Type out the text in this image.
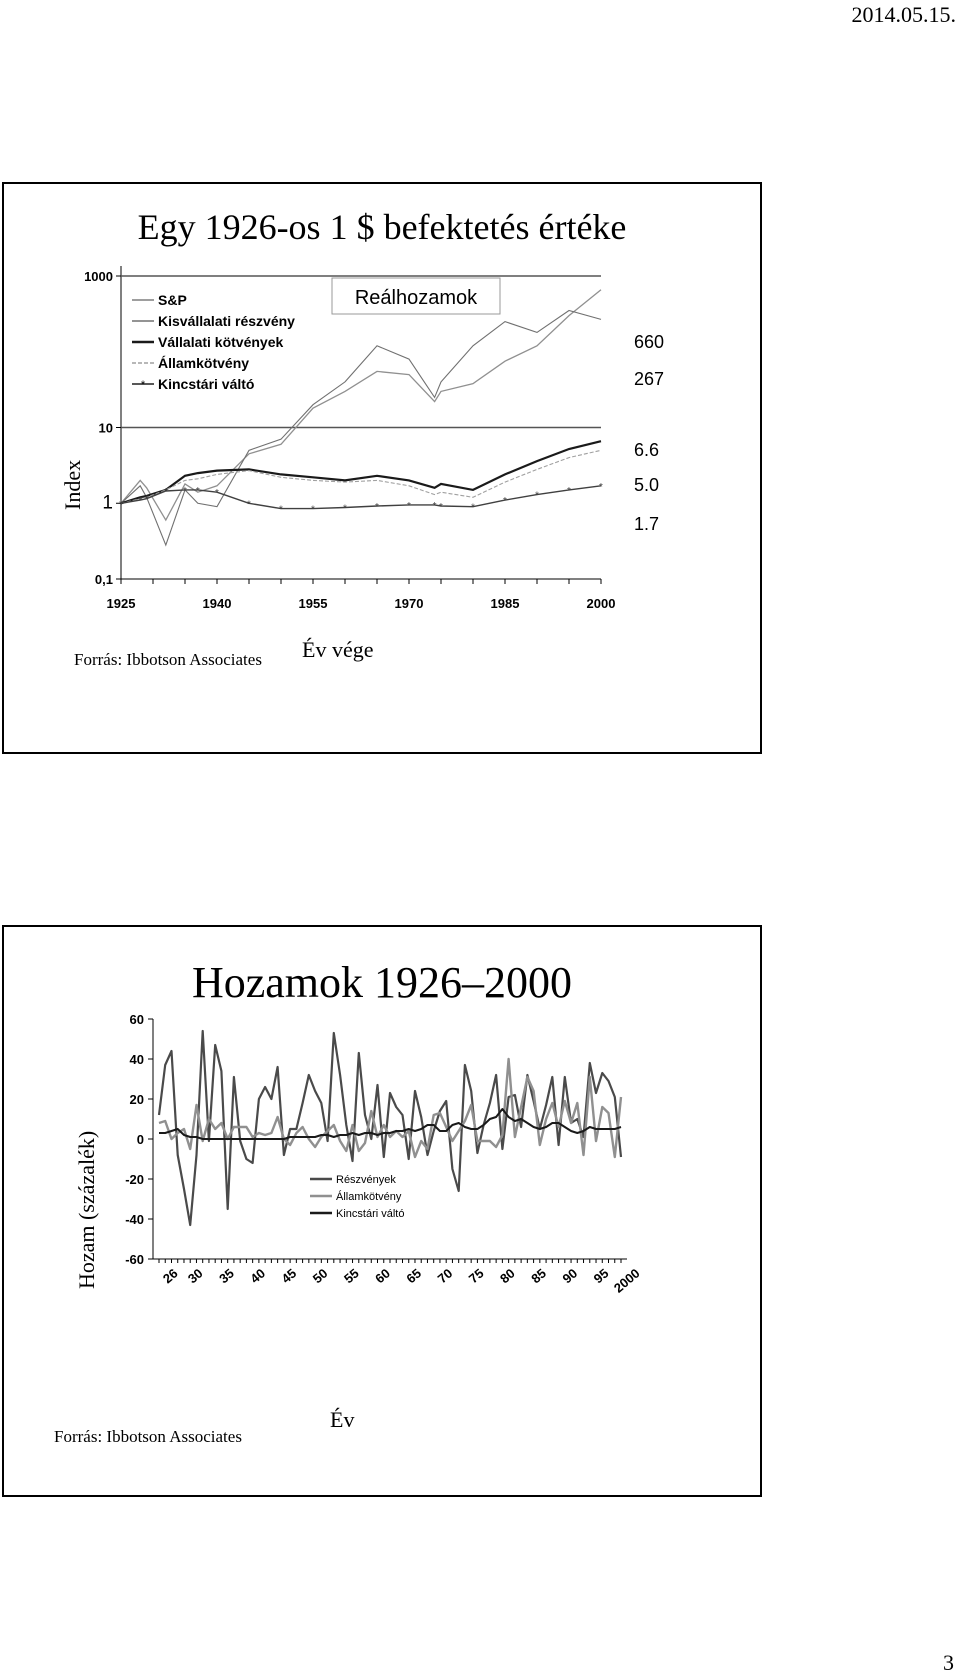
2014.05.15.
Egy 1926-os 1 $ befektetés értéke
1000
10
1
0,1
1925	1940	1955	1970	1985	2000
* * *
* * * *
*	*	*	*	*	* * *	*
*	*	*	*
S&P
Kisvállalati részvény
Vállalati kötvények
Államkötvény
* Kincstári váltó
Reálhozamok
660
267
6.6
5.0
1.7
Index
Forrás: Ibbotson Associates Év vége
Hozamok 1926–2000
60
40
20
0
-20
-40
-60
26 30 35 40 45 50 55 60 65 70 75 80 85 90 95 2000
Részvények
Államkötvény
Kincstári váltó
Hozam (százalék)
Év
Forrás: Ibbotson Associates
3
